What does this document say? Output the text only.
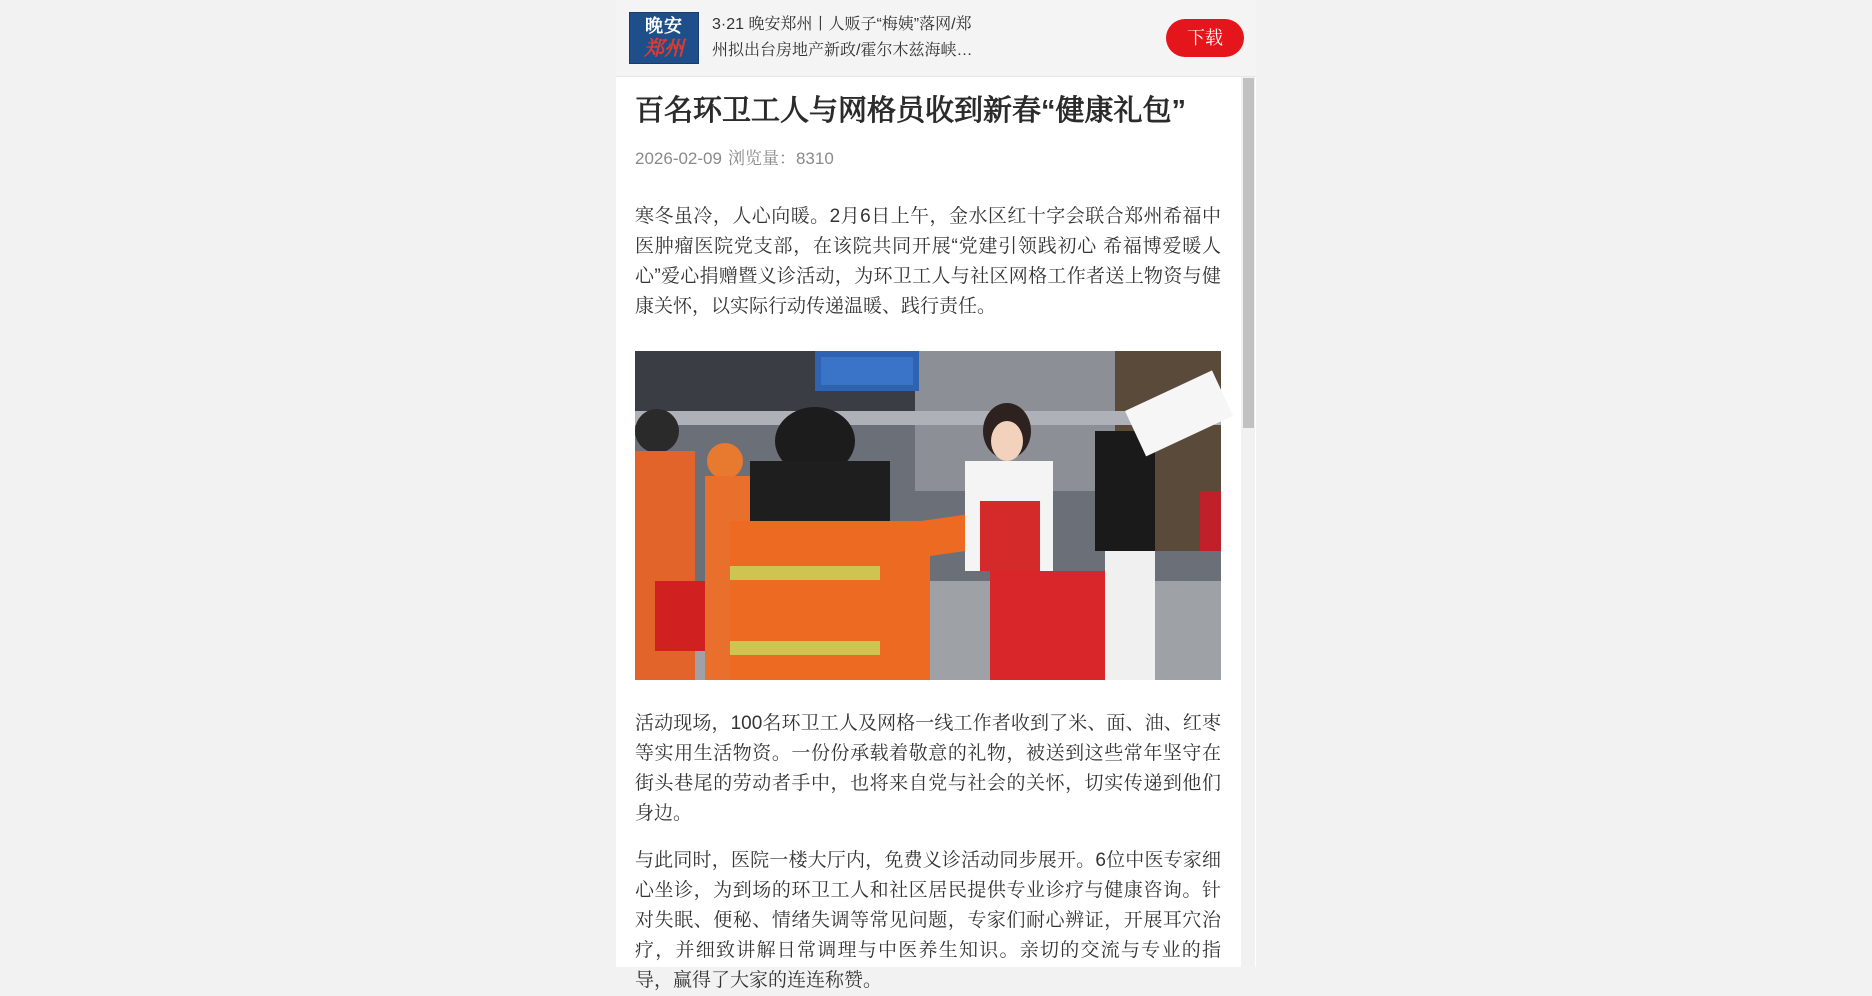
晚安
郑州
3·21 晚安郑州丨人贩子“梅姨”落网/郑
州拟出台房地产新政/霍尔木兹海峡…
下载
百名环卫工人与网格员收到新春“健康礼包”
2026-02-09 浏览量：8310

寒冬虽冷，人心向暖。2月6日上午，金水区红十字会联合郑州希福中医肿瘤医院党支部，在该院共同开展“党建引领践初心 希福博爱暖人心”爱心捐赠暨义诊活动，为环卫工人与社区网格工作者送上物资与健康关怀，以实际行动传递温暖、践行责任。

活动现场，100名环卫工人及网格一线工作者收到了米、面、油、红枣等实用生活物资。一份份承载着敬意的礼物，被送到这些常年坚守在街头巷尾的劳动者手中，也将来自党与社会的关怀，切实传递到他们身边。

与此同时，医院一楼大厅内，免费义诊活动同步展开。6位中医专家细心坐诊，为到场的环卫工人和社区居民提供专业诊疗与健康咨询。针对失眠、便秘、情绪失调等常见问题，专家们耐心辨证，开展耳穴治疗，并细致讲解日常调理与中医养生知识。亲切的交流与专业的指导，赢得了大家的连连称赞。
